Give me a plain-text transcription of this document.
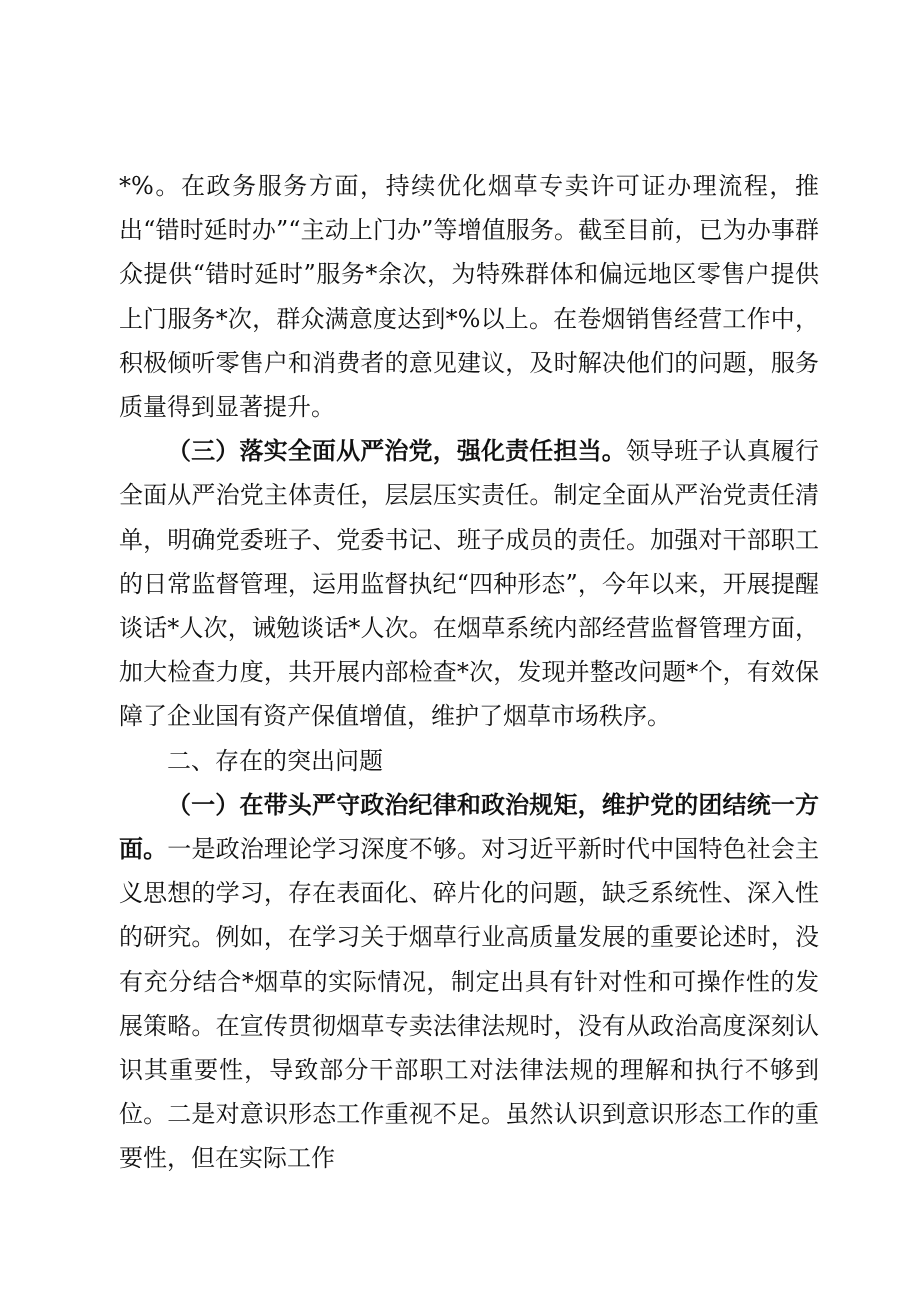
*%。在政务服务方面，持续优化烟草专卖许可证办理流程，推出“错时延时办”“主动上门办”等增值服务。截至目前，已为办事群众提供“错时延时”服务*余次，为特殊群体和偏远地区零售户提供上门服务*次，群众满意度达到*%以上。在卷烟销售经营工作中，积极倾听零售户和消费者的意见建议，及时解决他们的问题，服务质量得到显著提升。

（三）落实全面从严治党，强化责任担当。领导班子认真履行全面从严治党主体责任，层层压实责任。制定全面从严治党责任清单，明确党委班子、党委书记、班子成员的责任。加强对干部职工的日常监督管理，运用监督执纪“四种形态”，今年以来，开展提醒谈话*人次，诫勉谈话*人次。在烟草系统内部经营监督管理方面，加大检查力度，共开展内部检查*次，发现并整改问题*个，有效保障了企业国有资产保值增值，维护了烟草市场秩序。

二、存在的突出问题

（一）在带头严守政治纪律和政治规矩，维护党的团结统一方面。一是政治理论学习深度不够。对习近平新时代中国特色社会主义思想的学习，存在表面化、碎片化的问题，缺乏系统性、深入性的研究。例如，在学习关于烟草行业高质量发展的重要论述时，没有充分结合*烟草的实际情况，制定出具有针对性和可操作性的发展策略。在宣传贯彻烟草专卖法律法规时，没有从政治高度深刻认识其重要性，导致部分干部职工对法律法规的理解和执行不够到位。二是对意识形态工作重视不足。虽然认识到意识形态工作的重要性，但在实际工作
